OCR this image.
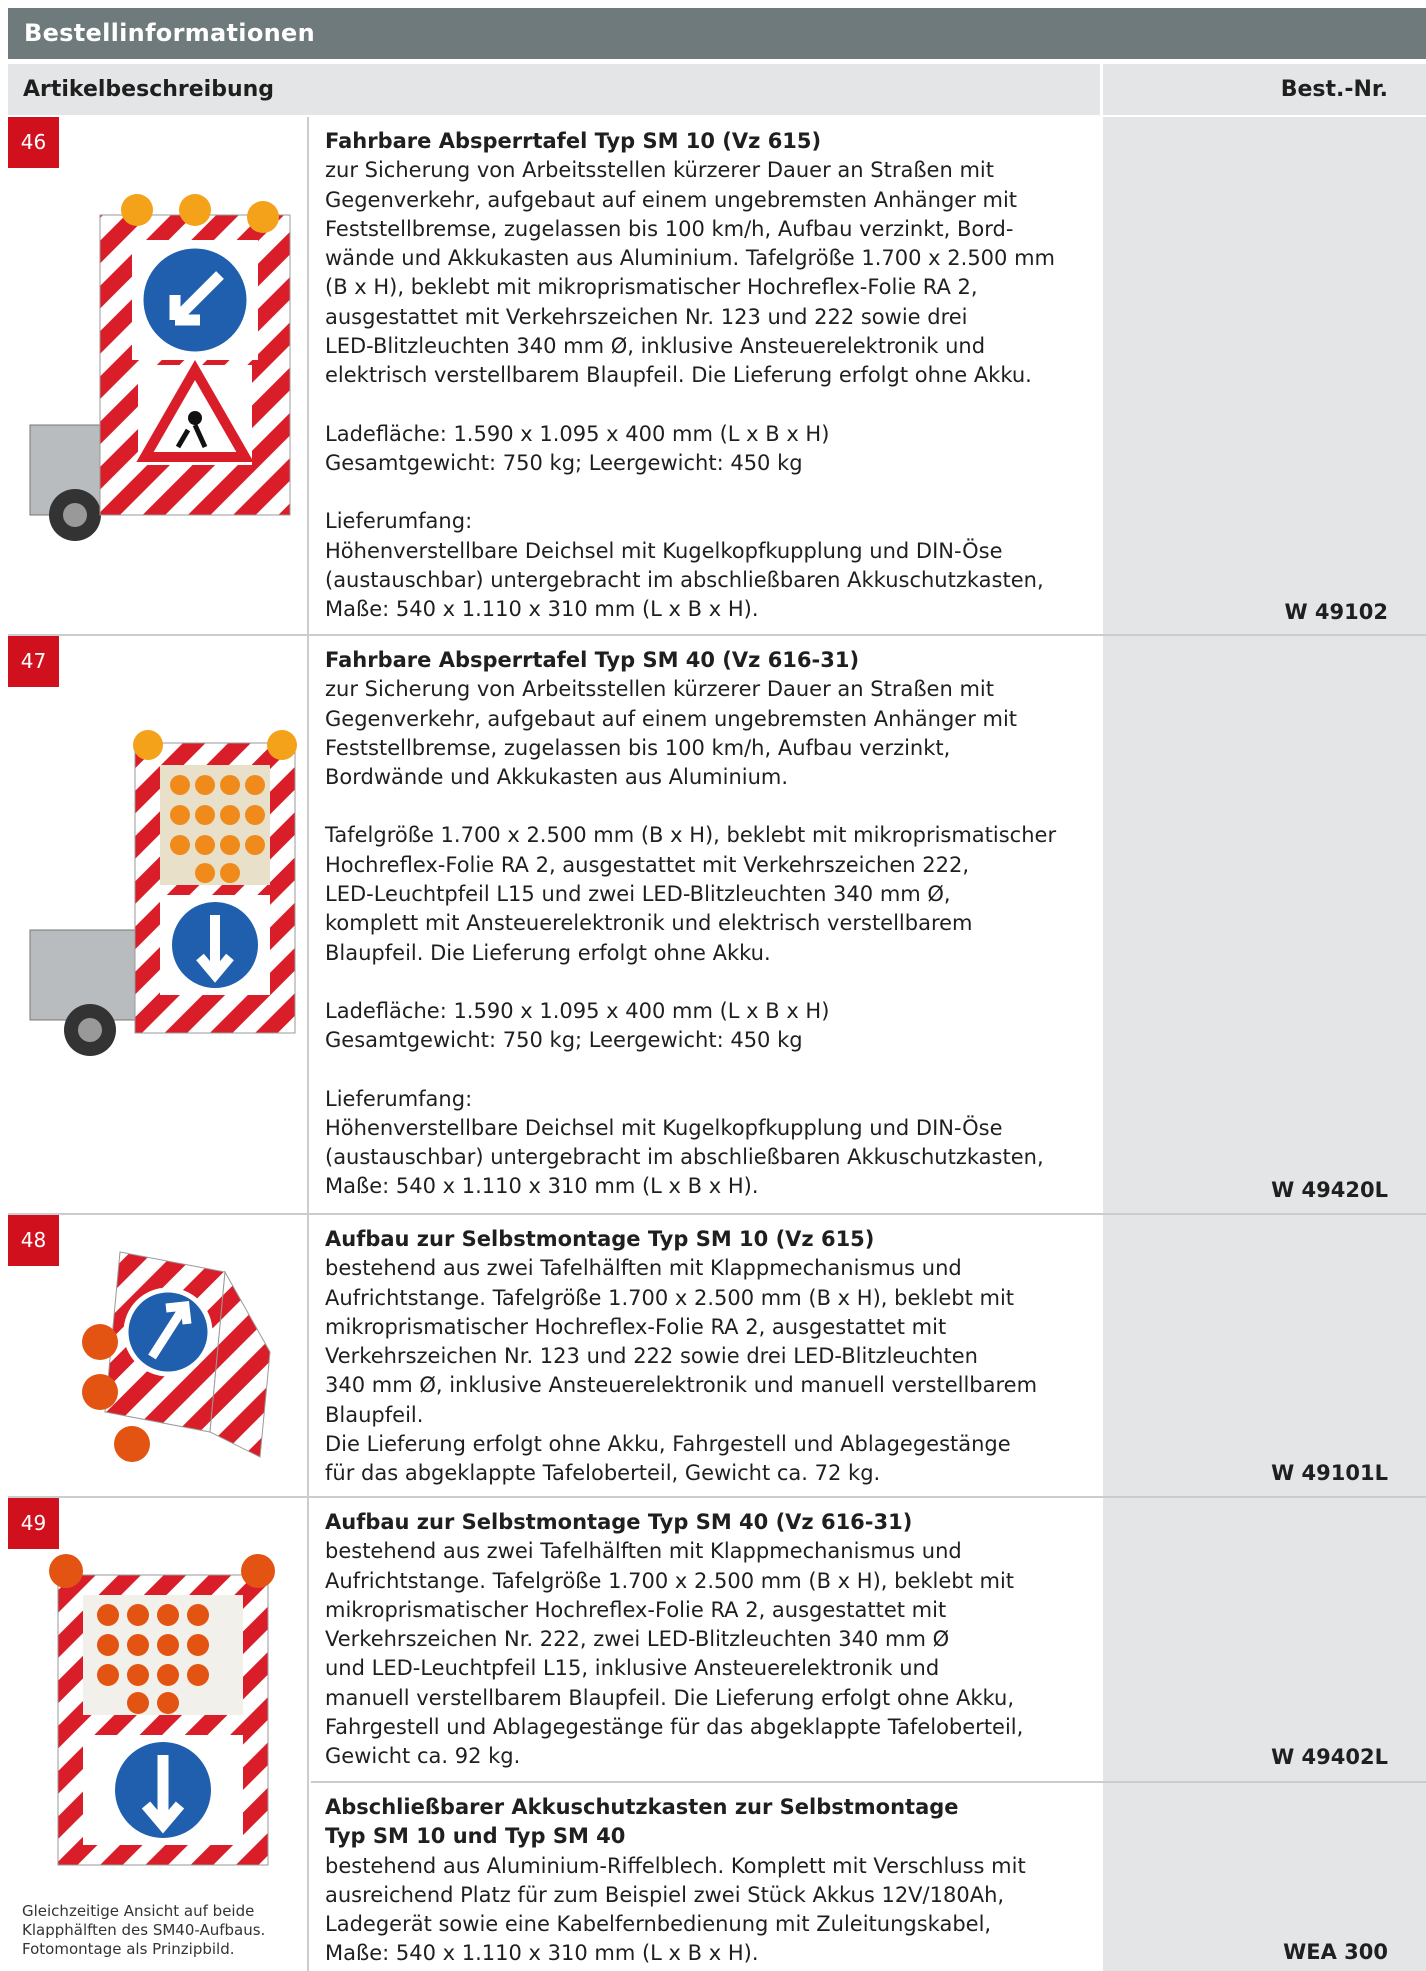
Bestellinformationen
Artikelbeschreibung	Best.-Nr.
46	Fahrbare Absperrtafel Typ SM 10 (Vz 615)
zur Sicherung von Arbeitsstellen kürzerer Dauer an Straßen mit
Gegenverkehr, aufgebaut auf einem ungebremsten Anhänger mit
Feststellbremse, zugelassen bis 100 km/h, Aufbau verzinkt, Bord-
wände und Akkukasten aus Aluminium. Tafelgröße 1.700 x 2.500 mm
(B x H), beklebt mit mikroprismatischer Hochreflex-Folie RA 2,
ausgestattet mit Verkehrszeichen Nr. 123 und 222 sowie drei
LED-Blitzleuchten 340 mm Ø, inklusive Ansteuerelektronik und
elektrisch verstellbarem Blaupfeil. Die Lieferung erfolgt ohne Akku.
Ladefläche: 1.590 x 1.095 x 400 mm (L x B x H)
Gesamtgewicht: 750 kg; Leergewicht: 450 kg
Lieferumfang:
Höhenverstellbare Deichsel mit Kugelkopfkupplung und DIN-Öse
(austauschbar) untergebracht im abschließbaren Akkuschutzkasten,
Maße: 540 x 1.110 x 310 mm (L x B x H).	W 49102
47	Fahrbare Absperrtafel Typ SM 40 (Vz 616-31)
zur Sicherung von Arbeitsstellen kürzerer Dauer an Straßen mit
Gegenverkehr, aufgebaut auf einem ungebremsten Anhänger mit
Feststellbremse, zugelassen bis 100 km/h, Aufbau verzinkt,
Bordwände und Akkukasten aus Aluminium.
Tafelgröße 1.700 x 2.500 mm (B x H), beklebt mit mikroprismatischer
Hochreflex-Folie RA 2, ausgestattet mit Verkehrszeichen 222,
LED-Leuchtpfeil L15 und zwei LED-Blitzleuchten 340 mm Ø,
komplett mit Ansteuerelektronik und elektrisch verstellbarem
Blaupfeil. Die Lieferung erfolgt ohne Akku.
Ladefläche: 1.590 x 1.095 x 400 mm (L x B x H)
Gesamtgewicht: 750 kg; Leergewicht: 450 kg
Lieferumfang:
Höhenverstellbare Deichsel mit Kugelkopfkupplung und DIN-Öse
(austauschbar) untergebracht im abschließbaren Akkuschutzkasten,
Maße: 540 x 1.110 x 310 mm (L x B x H).	W 49420L
48	Aufbau zur Selbstmontage Typ SM 10 (Vz 615)
bestehend aus zwei Tafelhälften mit Klappmechanismus und
Aufrichtstange. Tafelgröße 1.700 x 2.500 mm (B x H), beklebt mit
mikroprismatischer Hochreflex-Folie RA 2, ausgestattet mit
Verkehrszeichen Nr. 123 und 222 sowie drei LED-Blitzleuchten
340 mm Ø, inklusive Ansteuerelektronik und manuell verstellbarem
Blaupfeil.
Die Lieferung erfolgt ohne Akku, Fahrgestell und Ablagegestänge
für das abgeklappte Tafeloberteil, Gewicht ca. 72 kg.	W 49101L
49
Gleichzeitige Ansicht auf beide
Klapphälften des SM40-Aufbaus.
Fotomontage als Prinzipbild.
Aufbau zur Selbstmontage Typ SM 40 (Vz 616-31)
bestehend aus zwei Tafelhälften mit Klappmechanismus und
Aufrichtstange. Tafelgröße 1.700 x 2.500 mm (B x H), beklebt mit
mikroprismatischer Hochreflex-Folie RA 2, ausgestattet mit
Verkehrszeichen Nr. 222, zwei LED-Blitzleuchten 340 mm Ø
und LED-Leuchtpfeil L15, inklusive Ansteuerelektronik und
manuell verstellbarem Blaupfeil. Die Lieferung erfolgt ohne Akku,
Fahrgestell und Ablagegestänge für das abgeklappte Tafeloberteil,
Gewicht ca. 92 kg.	W 49402L
Abschließbarer Akkuschutzkasten zur Selbstmontage
Typ SM 10 und Typ SM 40
bestehend aus Aluminium-Riffelblech. Komplett mit Verschluss mit
ausreichend Platz für zum Beispiel zwei Stück Akkus 12V/180Ah,
Ladegerät sowie eine Kabelfernbedienung mit Zuleitungskabel,
Maße: 540 x 1.110 x 310 mm (L x B x H).	WEA 300
